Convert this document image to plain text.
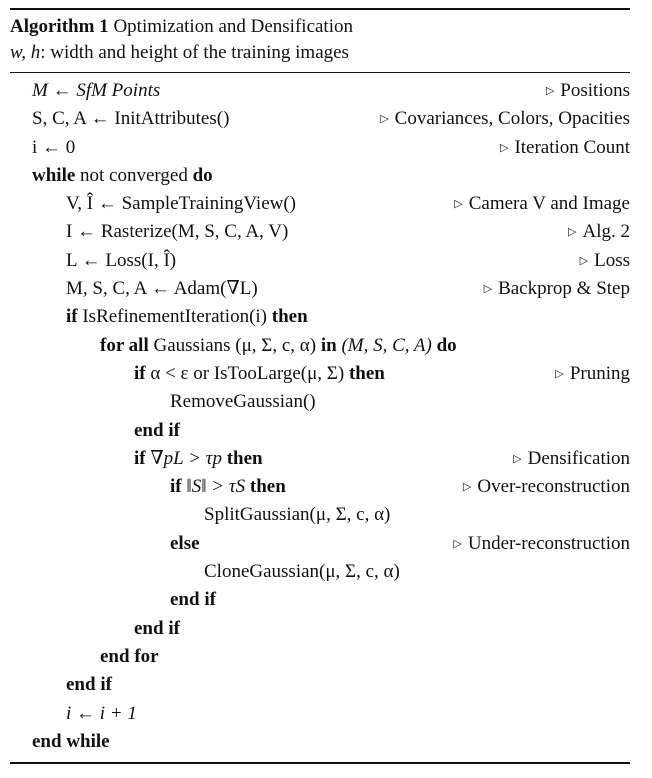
Algorithm 1 Optimization and Densification
w, h: width and height of the training images
M ← SfM Points	▷ Positions
S, C, A ← InitAttributes()	▷ Covariances, Colors, Opacities
i ← 0	▷ Iteration Count
while not converged do
V, Î ← SampleTrainingView()	▷ Camera V and Image
I ← Rasterize(M, S, C, A, V)	▷ Alg. 2
L ← Loss(I, Î)	▷ Loss
M, S, C, A ← Adam(∇L)	▷ Backprop & Step
if IsRefinementIteration(i) then
for all Gaussians (μ, Σ, c, α) in (M, S, C, A) do
if α < ε or IsTooLarge(μ, Σ) then	▷ Pruning
RemoveGaussian()
end if
if ∇pL > τp then	▷ Densification
if ‖S‖ > τS then	▷ Over-reconstruction
SplitGaussian(μ, Σ, c, α)
else	▷ Under-reconstruction
CloneGaussian(μ, Σ, c, α)
end if
end if
end for
end if
i ← i + 1
end while
